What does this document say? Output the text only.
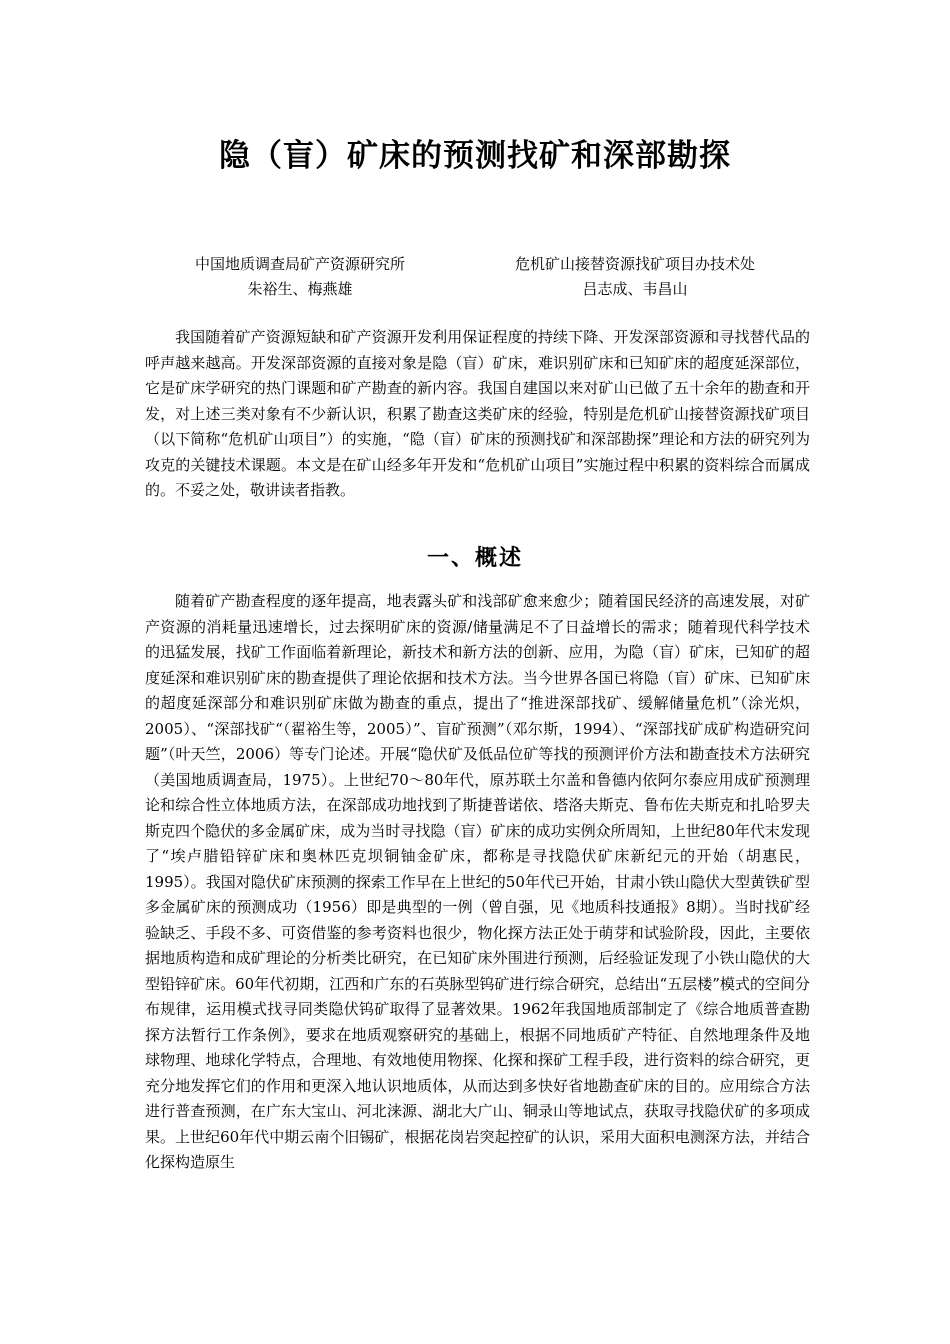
隐（盲）矿床的预测找矿和深部勘探
中国地质调查局矿产资源研究所
朱裕生、梅燕雄
危机矿山接替资源找矿项目办技术处
吕志成、韦昌山

我国随着矿产资源短缺和矿产资源开发利用保证程度的持续下降、开发深部资源和寻找替代品的呼声越来越高。开发深部资源的直接对象是隐（盲）矿床，难识别矿床和已知矿床的超度延深部位，它是矿床学研究的热门课题和矿产勘查的新内容。我国自建国以来对矿山已做了五十余年的勘查和开发，对上述三类对象有不少新认识，积累了勘查这类矿床的经验，特别是危机矿山接替资源找矿项目（以下简称“危机矿山项目”）的实施，“隐（盲）矿床的预测找矿和深部勘探”理论和方法的研究列为攻克的关键技术课题。本文是在矿山经多年开发和“危机矿山项目”实施过程中积累的资料综合而属成的。不妥之处，敬讲读者指教。

一、概述

随着矿产勘查程度的逐年提高，地表露头矿和浅部矿愈来愈少；随着国民经济的高速发展，对矿产资源的消耗量迅速增长，过去探明矿床的资源/储量满足不了日益增长的需求；随着现代科学技术的迅猛发展，找矿工作面临着新理论，新技术和新方法的创新、应用，为隐（盲）矿床，已知矿的超度延深和难识别矿床的勘查提供了理论依据和技术方法。当今世界各国已将隐（盲）矿床、已知矿床的超度延深部分和难识别矿床做为勘查的重点，提出了“推进深部找矿、缓解储量危机”（涂光炽，2005）、“深部找矿“（翟裕生等，2005）”、盲矿预测”（邓尔斯，1994）、“深部找矿成矿构造研究问题”（叶天竺，2006）等专门论述。开展“隐伏矿及低品位矿等找的预测评价方法和勘查技术方法研究（美国地质调查局，1975）。上世纪70～80年代，原苏联土尔盖和鲁德内依阿尔泰应用成矿预测理论和综合性立体地质方法，在深部成功地找到了斯捷普诺依、塔洛夫斯克、鲁布佐夫斯克和扎哈罗夫斯克四个隐伏的多金属矿床，成为当时寻找隐（盲）矿床的成功实例众所周知，上世纪80年代末发现了“埃卢腊铅锌矿床和奥林匹克坝铜铀金矿床，都称是寻找隐伏矿床新纪元的开始（胡惠民，1995）。我国对隐伏矿床预测的探索工作早在上世纪的50年代已开始，甘肃小铁山隐伏大型黄铁矿型多金属矿床的预测成功（1956）即是典型的一例（曾自强，见《地质科技通报》8期）。当时找矿经验缺乏、手段不多、可资借鉴的参考资料也很少，物化探方法正处于萌芽和试验阶段，因此，主要依据地质构造和成矿理论的分析类比研究，在已知矿床外围进行预测，后经验证发现了小铁山隐伏的大型铅锌矿床。60年代初期，江西和广东的石英脉型钨矿进行综合研究，总结出“五层楼”模式的空间分布规律，运用模式找寻同类隐伏钨矿取得了显著效果。1962年我国地质部制定了《综合地质普查勘探方法暂行工作条例》，要求在地质观察研究的基础上，根据不同地质矿产特征、自然地理条件及地球物理、地球化学特点，合理地、有效地使用物探、化探和探矿工程手段，进行资料的综合研究，更充分地发挥它们的作用和更深入地认识地质体，从而达到多快好省地勘查矿床的目的。应用综合方法进行普查预测，在广东大宝山、河北涞源、湖北大广山、铜录山等地试点，获取寻找隐伏矿的多项成果。上世纪60年代中期云南个旧锡矿，根据花岗岩突起控矿的认识，采用大面积电测深方法，并结合化探构造原生
